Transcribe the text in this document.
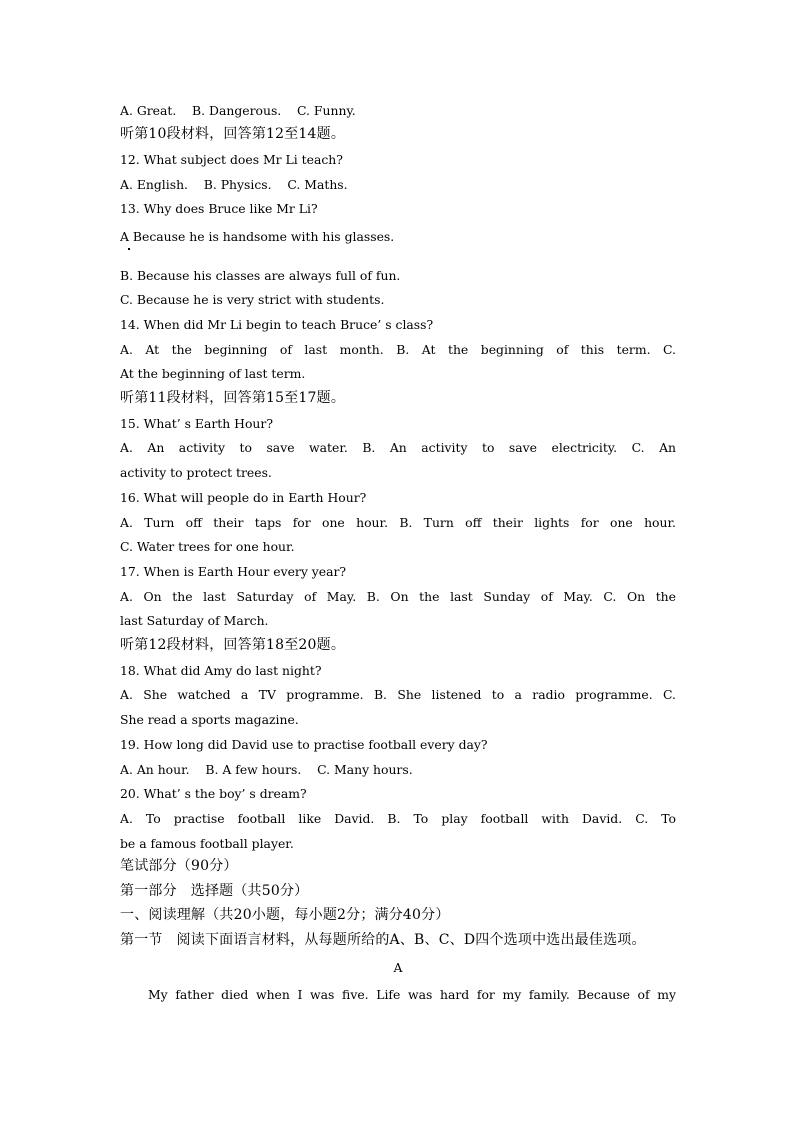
A. Great.    B. Dangerous.    C. Funny.
听第10段材料，回答第12至14题。
12. What subject does Mr Li teach?
A. English.    B. Physics.    C. Maths.
13. Why does Bruce like Mr Li?
A Because he is handsome with his glasses.
B. Because his classes are always full of fun.
C. Because he is very strict with students.
14. When did Mr Li begin to teach Bruce’ s class?
A. At the beginning of last month. B. At the beginning of this term. C.
At the beginning of last term.
听第11段材料，回答第15至17题。
15. What’ s Earth Hour?
A. An activity to save water. B. An activity to save electricity. C. An
activity to protect trees.
16. What will people do in Earth Hour?
A. Turn off their taps for one hour. B. Turn off their lights for one hour.
C. Water trees for one hour.
17. When is Earth Hour every year?
A. On the last Saturday of May. B. On the last Sunday of May. C. On the
last Saturday of March.
听第12段材料，回答第18至20题。
18. What did Amy do last night?
A. She watched a TV programme. B. She listened to a radio programme. C.
She read a sports magazine.
19. How long did David use to practise football every day?
A. An hour.    B. A few hours.    C. Many hours.
20. What’ s the boy’ s dream?
A. To practise football like David. B. To play football with David. C. To
be a famous football player.
笔试部分（90分）
第一部分   选择题（共50分）
一、阅读理解（共20小题，每小题2分；满分40分）
第一节   阅读下面语言材料，从每题所给的A、B、C、D四个选项中选出最佳选项。
A
My father died when I was five. Life was hard for my family. Because of my
